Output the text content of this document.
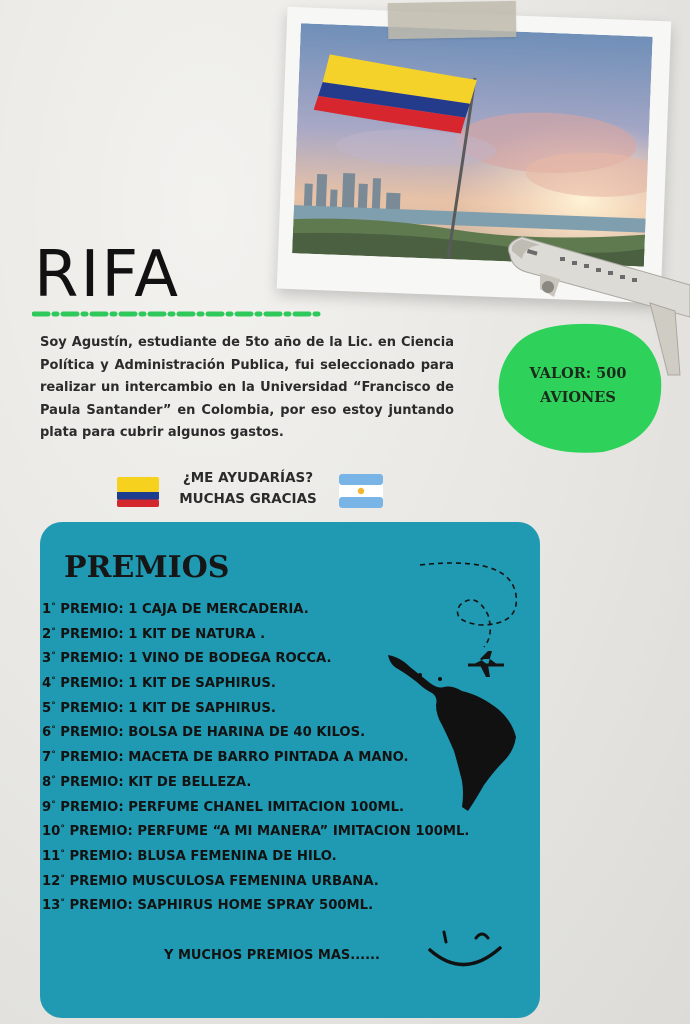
RIFA
Soy Agustín, estudiante de 5to año de la Lic. en Ciencia Política y Administración Publica, fui seleccionado para realizar un intercambio en la Universidad “Francisco de Paula Santander” en Colombia, por eso estoy juntando plata para cubrir algunos gastos.
VALOR: 500
AVIONES
¿ME AYUDARÍAS?
MUCHAS GRACIAS
PREMIOS
1° PREMIO: 1 CAJA DE MERCADERIA.
2° PREMIO: 1 KIT DE NATURA .
3° PREMIO: 1 VINO DE BODEGA ROCCA.
4° PREMIO: 1 KIT DE SAPHIRUS.
5° PREMIO: 1 KIT DE SAPHIRUS.
6° PREMIO: BOLSA DE HARINA DE 40 KILOS.
7° PREMIO: MACETA DE BARRO PINTADA A MANO.
8° PREMIO: KIT DE BELLEZA.
9° PREMIO: PERFUME CHANEL IMITACION 100ML.
10° PREMIO: PERFUME “A MI MANERA” IMITACION 100ML.
11° PREMIO: BLUSA FEMENINA DE HILO.
12° PREMIO MUSCULOSA FEMENINA URBANA.
13° PREMIO: SAPHIRUS HOME SPRAY 500ML.
Y MUCHOS PREMIOS MAS......
